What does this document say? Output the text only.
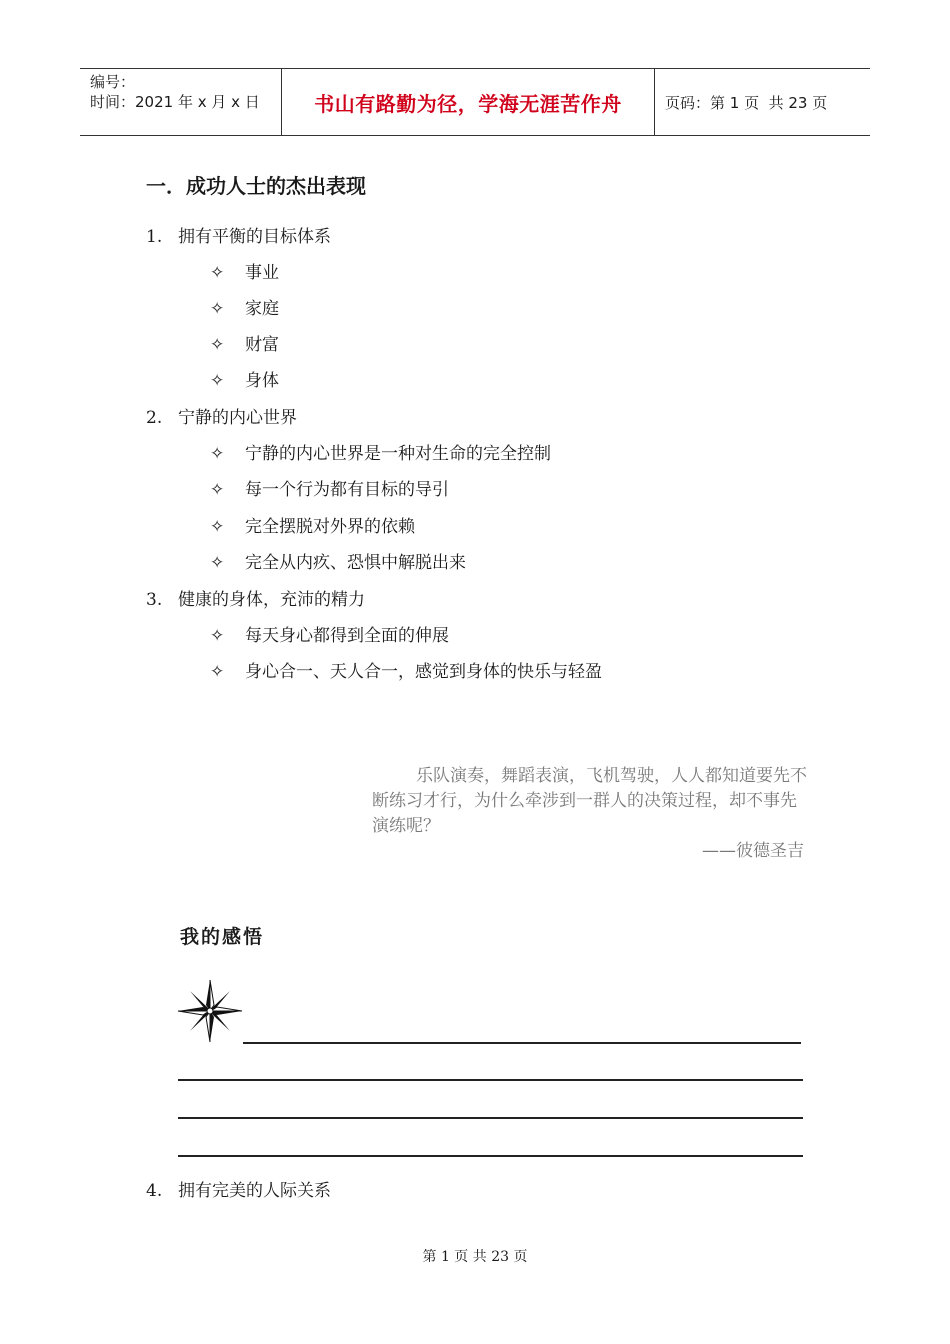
编号：
时间：2021 年 x 月 x 日	书山有路勤为径，学海无涯苦作舟	页码：第 1 页  共 23 页
一．成功人士的杰出表现
1. 拥有平衡的目标体系
✧ 事业
✧ 家庭
✧ 财富
✧ 身体
2. 宁静的内心世界
✧ 宁静的内心世界是一种对生命的完全控制
✧ 每一个行为都有目标的导引
✧ 完全摆脱对外界的依赖
✧ 完全从内疚、恐惧中解脱出来
3. 健康的身体，充沛的精力
✧ 每天身心都得到全面的伸展
✧ 身心合一、天人合一，感觉到身体的快乐与轻盈

乐队演奏，舞蹈表演，飞机驾驶，人人都知道要先不断练习才行，为什么牵涉到一群人的决策过程，却不事先演练呢？

——彼德圣吉
我的感悟
4. 拥有完美的人际关系
第 1 页 共 23 页
